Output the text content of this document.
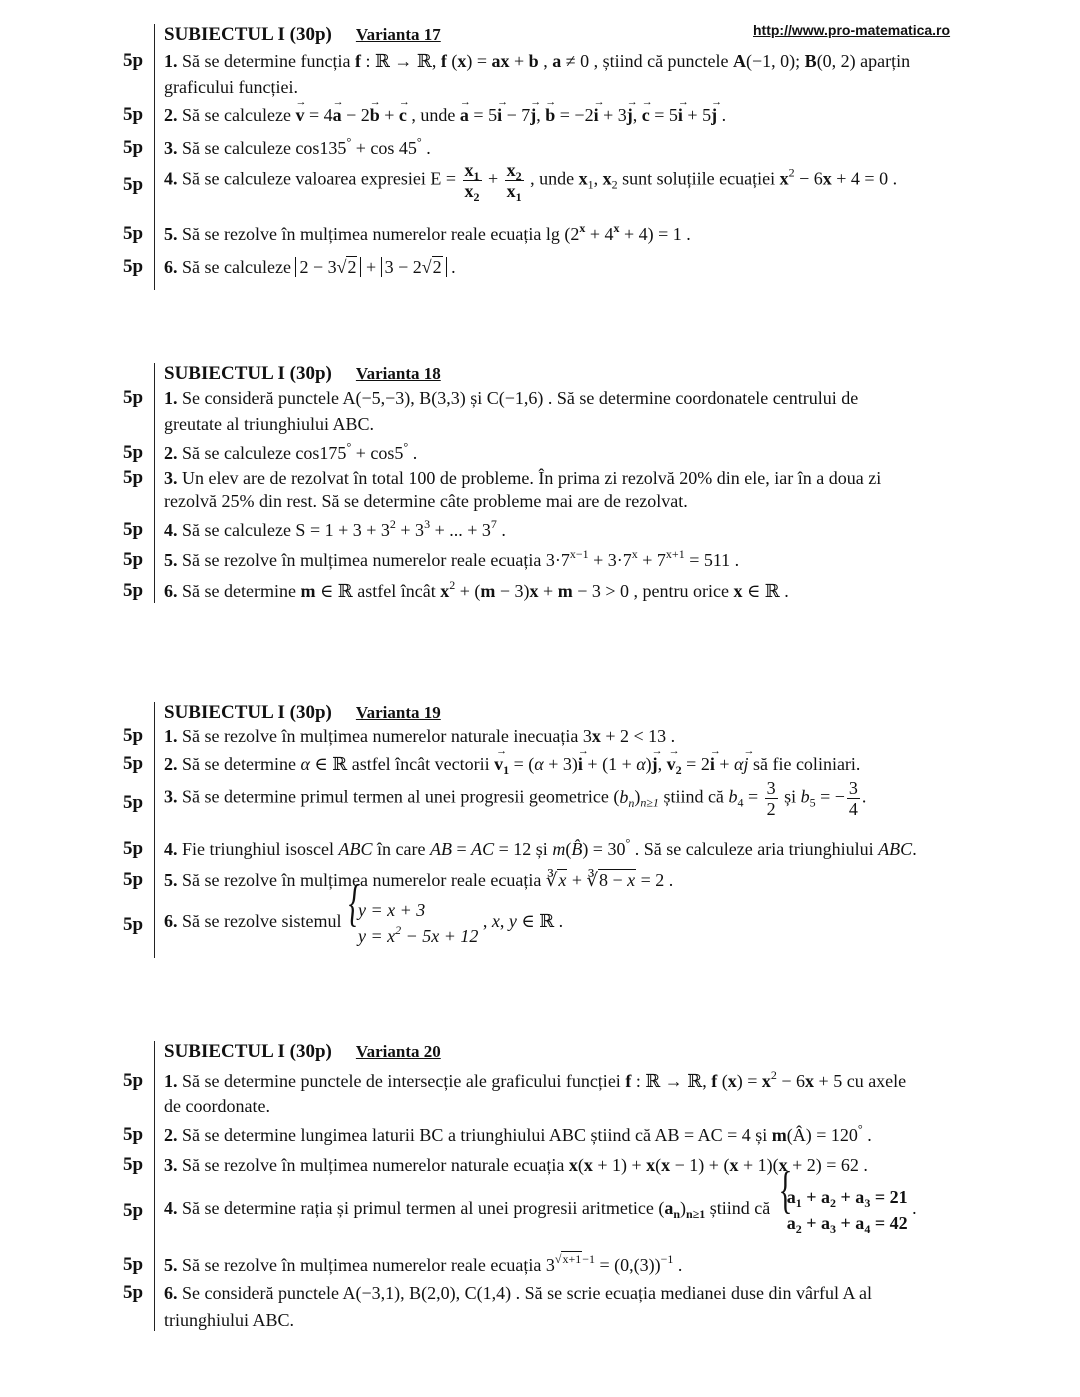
http://www.pro-matematica.ro
SUBIECTUL I (30p) Varianta 17
5p 1. Să se determine funcția f : ℝ → ℝ, f (x) = ax + b , a ≠ 0 , știind că punctele A(−1, 0); B(0, 2) aparțin
graficului funcției.
5p 2. Să se calculeze → v = 4→ a − 2→ b + → c , unde → a = 5→ i − 7→ j, → b = −2→ i + 3→ j, → c = 5→ i + 5→ j .
5p 3. Să se calculeze cos135° + cos 45° .
5p 4. Să se calculeze valoarea expresiei $E = \frac{x_1}{x_2} + \frac{x_2}{x_1}$ , unde $x_1$, $x_2$ sunt soluțiile ecuației $x^2 - 6x + 4 = 0$ .
5p 5. Să se rezolve în mulțimea numerelor reale ecuația $\lg (2^x + 4^x + 4) = 1$ .
5p 6. Să se calculeze 2 − 3√2 + 3 − 2√2 .
SUBIECTUL I (30p) Varianta 18
5p 1. Se consideră punctele A(−5,−3), B(3,3) și C(−1,6) . Să se determine coordonatele centrului de
greutate al triunghiului ABC.
5p 2. Să se calculeze cos175° + cos5° .
5p 3. Un elev are de rezolvat în total 100 de probleme. În prima zi rezolvă 20% din ele, iar în a doua zi
rezolvă 25% din rest. Să se determine câte probleme mai are de rezolvat.
5p 4. Să se calculeze $S = 1 + 3 + 3^2 + 3^3$ + ... + $3^7$ .
5p 5. Să se rezolve în mulțimea numerelor reale ecuația $3\cdot 7^{x-1} + 3\cdot 7^x + 7^{x+1} = 511$ .
5p 6. Să se determine m ∈ ℝ astfel încât $x^2 + (m - 3)x + m - 3 > 0$ , pentru orice x ∈ ℝ .
SUBIECTUL I (30p) Varianta 19
5p 1. Să se rezolve în mulțimea numerelor naturale inecuația 3x + 2 < 13 .
5p 2. Să se determine α ∈ ℝ astfel încât vectorii → $v_1 = (\alpha + 3)\to i + (1 + \alpha)\to j$, → $v_2 = 2\to i + \alpha\to j$ să fie coliniari.
5p 3. Să se determine primul termen al unei progresii geometrice $(b_n)_{n\ge 1}$ știind că $b_4 = \frac{3}{2}$ și $b_5$ = − $\frac{3}{4}$ .
5p 4. Fie triunghiul isoscel ABC în care AB = AC = 12 și m(B̂) = 30° . Să se calculeze aria triunghiului ABC.
5p 5. Să se rezolve în mulțimea numerelor reale ecuația ∛x + ∛8 − x = 2 .
5p 6. Să se rezolve sistemul
{ y = x + 3
$y = x^2 - 5x + 12$
, x, y ∈ ℝ .
SUBIECTUL I (30p) Varianta 20
5p 1. Să se determine punctele de intersecție ale graficului funcției f : ℝ → ℝ, f $(x) = x^2 - 6x + 5$ cu axele
de coordonate.
5p 2. Să se determine lungimea laturii BC a triunghiului ABC știind că AB = AC = 4 și m(Â) = 120° .
5p 3. Să se rezolve în mulțimea numerelor naturale ecuația x(x + 1) + x(x − 1) + (x + 1)(x + 2) = 62 .
5p 4. Să se determine rația și primul termen al unei progresii aritmetice $(a_n)_{n\ge 1}$ știind că
{ $a_1 + a_2 + a_3 = 21$
$a_2 + a_3 + a_4 = 42$
.
5p 5. Să se rezolve în mulțimea numerelor reale ecuația $3^{√x+1-1} = (0,(3))^{-1}$ .
5p 6. Se consideră punctele A(−3,1), B(2,0), C(1,4) . Să se scrie ecuația medianei duse din vârful A al
triunghiului ABC.
